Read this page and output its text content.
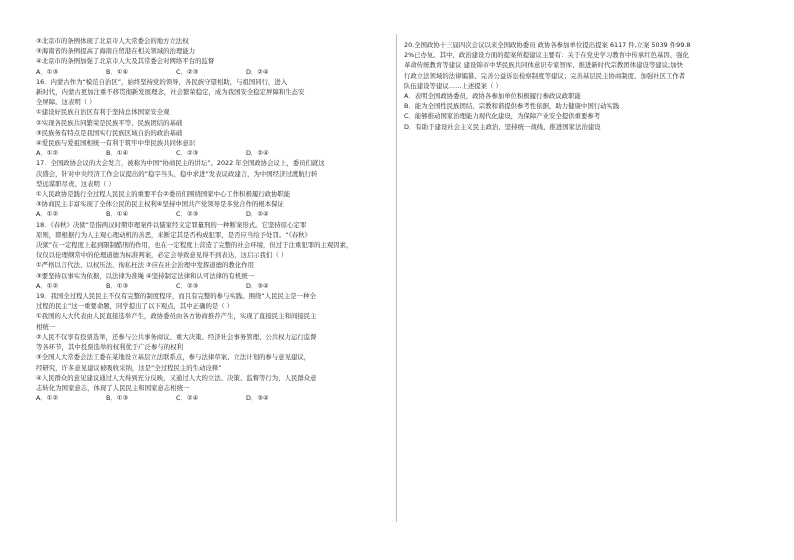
③北京市的条例体现了北京市人大常委会的地方立法权

③海南省的条例提高了海南自贸港在相关领域的治理能力

④北京市的条例加强了北京市人大及其常委会对网络平台的监督

A．①③	B．①④	C．②③	D．②④

16．内蒙古作为“模范自治区”，始终坚持党的领导，各民族守望相助，与祖国同行，进入

新时代，内蒙古更加注重不移贯彻新发展理念，社会繁荣稳定，成为我国安全稳定屏障和生态安

全屏障。这表明（ ）

①建设好民族自治区有利于坚持总体国家安全观

②实现各民族共同繁荣是民族平等、民族团结的基础

③民族务有特点是我国实行民族区域自治的政治基础

④爱民族与爱祖国相统一有利于筑牢中华民族共同体意识

A．①②	B．①④	C．②③	D．②④

17．全国政协会议的大会发言，被称为中国“协商民主的讲坛”。2022 年全国政协会议上，委员们就这

次盛会，针对中央经济工作会议提出的“稳字当头、稳中求进”发表议政建言，为中国经济过渡航行转

型远谋职尽责。这表明（ ）

①人民政协是践行全过程人民民主的重要平台②委员们围绕国家中心工作积极履行政协职能

③协商民主丰富实现了全体公民的民主权利④坚持中国共产党领导是多党合作的根本保证

A．①②	B．①④	C．②③	D．②④

18．《春秋》决狱”是指两汉时期审理案件以儒家经义定罪量刑的一种断案形式。它坚持原心定罪

原则，即根据行为人主观心理动机的善恶，来断定其是否构成犯罪，是否应当给予处罚。“《春秋》

决狱”在一定程度上起到限制酷刑的作用，也在一定程度上营造了完整的社会环境，但过于注重犯罪的主观因素，

仅仅以伦理纲常中的伦理道德为标准判案，必定会导致意见得不到表达，这启示我们（ ）

①严格以言代法、以权压法、徇私枉法 ②应在社会治理中发挥道德的教化作用

③要坚持以事实为依据，以法律为准绳 ④坚持制定法律和认可法律的有机统一

A．①②	B．①③	C．②③	D．③④

19．我国全过程人民民主不仅有完整的制度程序，而且有完整的参与实践。围绕“人民民主是一种全

过程的民主”这一重要命题，同学提出了以下观点，其中正确的是（ ）

①我国的人大代表由人民直接选举产生，政协委员由各方协商推荐产生，实现了直接民主和间接民主

相统一

②人民不仅享有投票选举，还参与公共事务商议、重大决策、经济社会事务管理、公共权力运行监督

等各环节，其中投票选举的权利优于广泛参与的权利

③全国人大常委会法工委在某地设立基层立法联系点，参与法律草案、立法计划的参与意见建议，

经研究，许多意见建议被吸收采纳，这是“全过程民主的生动诠释”

④人民群众的意见建议通过人大得到充分反映，又通过人大的立法、决策、监督等行为，人民群众意

志转化为国家意志，体现了人民民主和国家意志相统一

A．①②	B．①③	C．②④	D．③④

20.全国政协十三届四次会议以来全国政协委员 政协各参加单位提出提案 6117 件,立案 5039 件99.8

2%已办复。其中，政治建设方面的提案所提建议主要有：关于在党史学习教育中传承红色基因、强化

革命传统教育等建议 建设锦市中华民族共同体意识专家智库、推进新时代宗教团体建设等建议;加快

行政立法领域的法律编纂、完善公益诉讼检察制度等建议；完善基层民主协商制度、加强社区工作者

队伍建设等建议……上述提案（ ）

A．表明全国政协委员，政协各参加单位积极履行参政议政职能

B．能为全国性民族团结、宗教和谐提供参考性依据，助力健康中国行动实践

C．能够推动国家治理能力现代化建设，为保障产业安全提供重要参考

D．有助于建设社会主义民主政治、坚持统一战线、推进国家法治建设
